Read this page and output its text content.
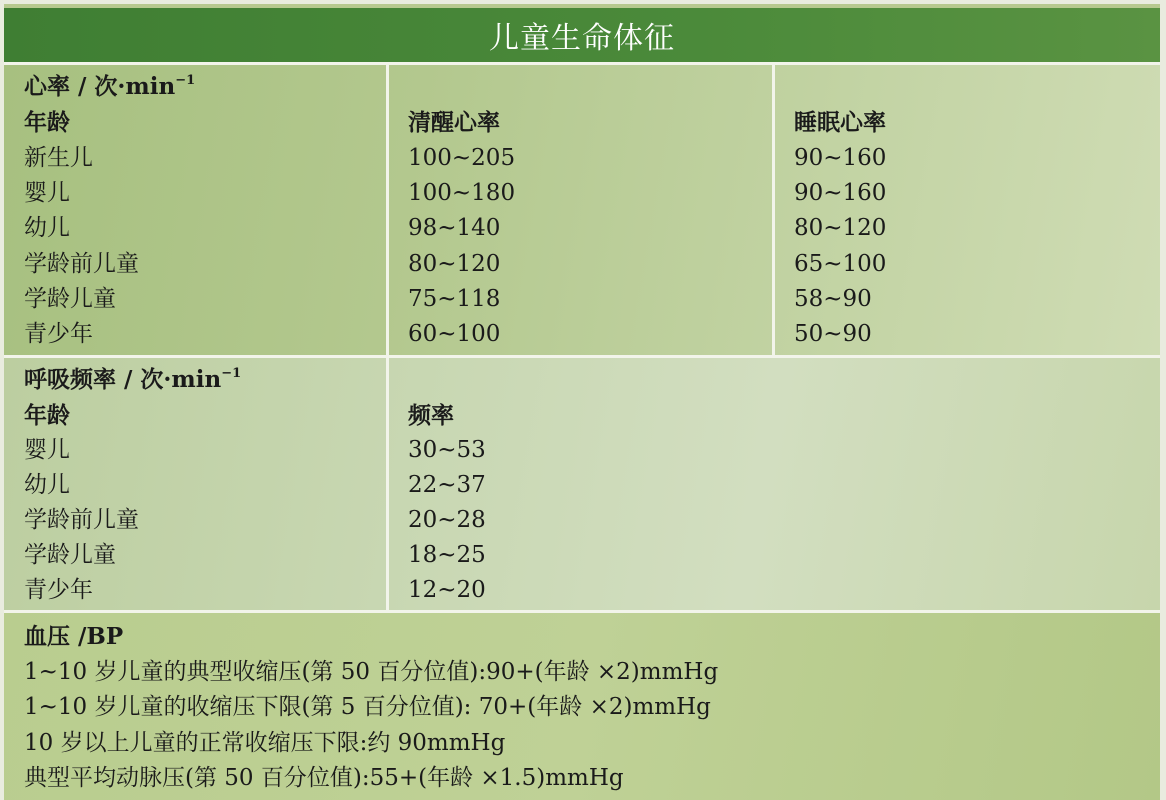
儿童生命体征
心率 / 次$\cdot\min^{-1}$
年龄	清醒心率	睡眠心率
新生儿	100~205	90~160
婴儿	100~180	90~160
幼儿	98~140	80~120
学龄前儿童	80~120	65~100
学龄儿童	75~118	58~90
青少年	60~100	50~90
呼吸频率 / 次$\cdot\min^{-1}$
年龄	频率
婴儿	30~53
幼儿	22~37
学龄前儿童	20~28
学龄儿童	18~25
青少年	12~20
血压 /BP
1~10 岁儿童的典型收缩压(第 50 百分位值):90+(年龄 ×2)mmHg
1~10 岁儿童的收缩压下限(第 5 百分位值): 70+(年龄 ×2)mmHg
10 岁以上儿童的正常收缩压下限:约 90mmHg
典型平均动脉压(第 50 百分位值):55+(年龄 ×1.5)mmHg
